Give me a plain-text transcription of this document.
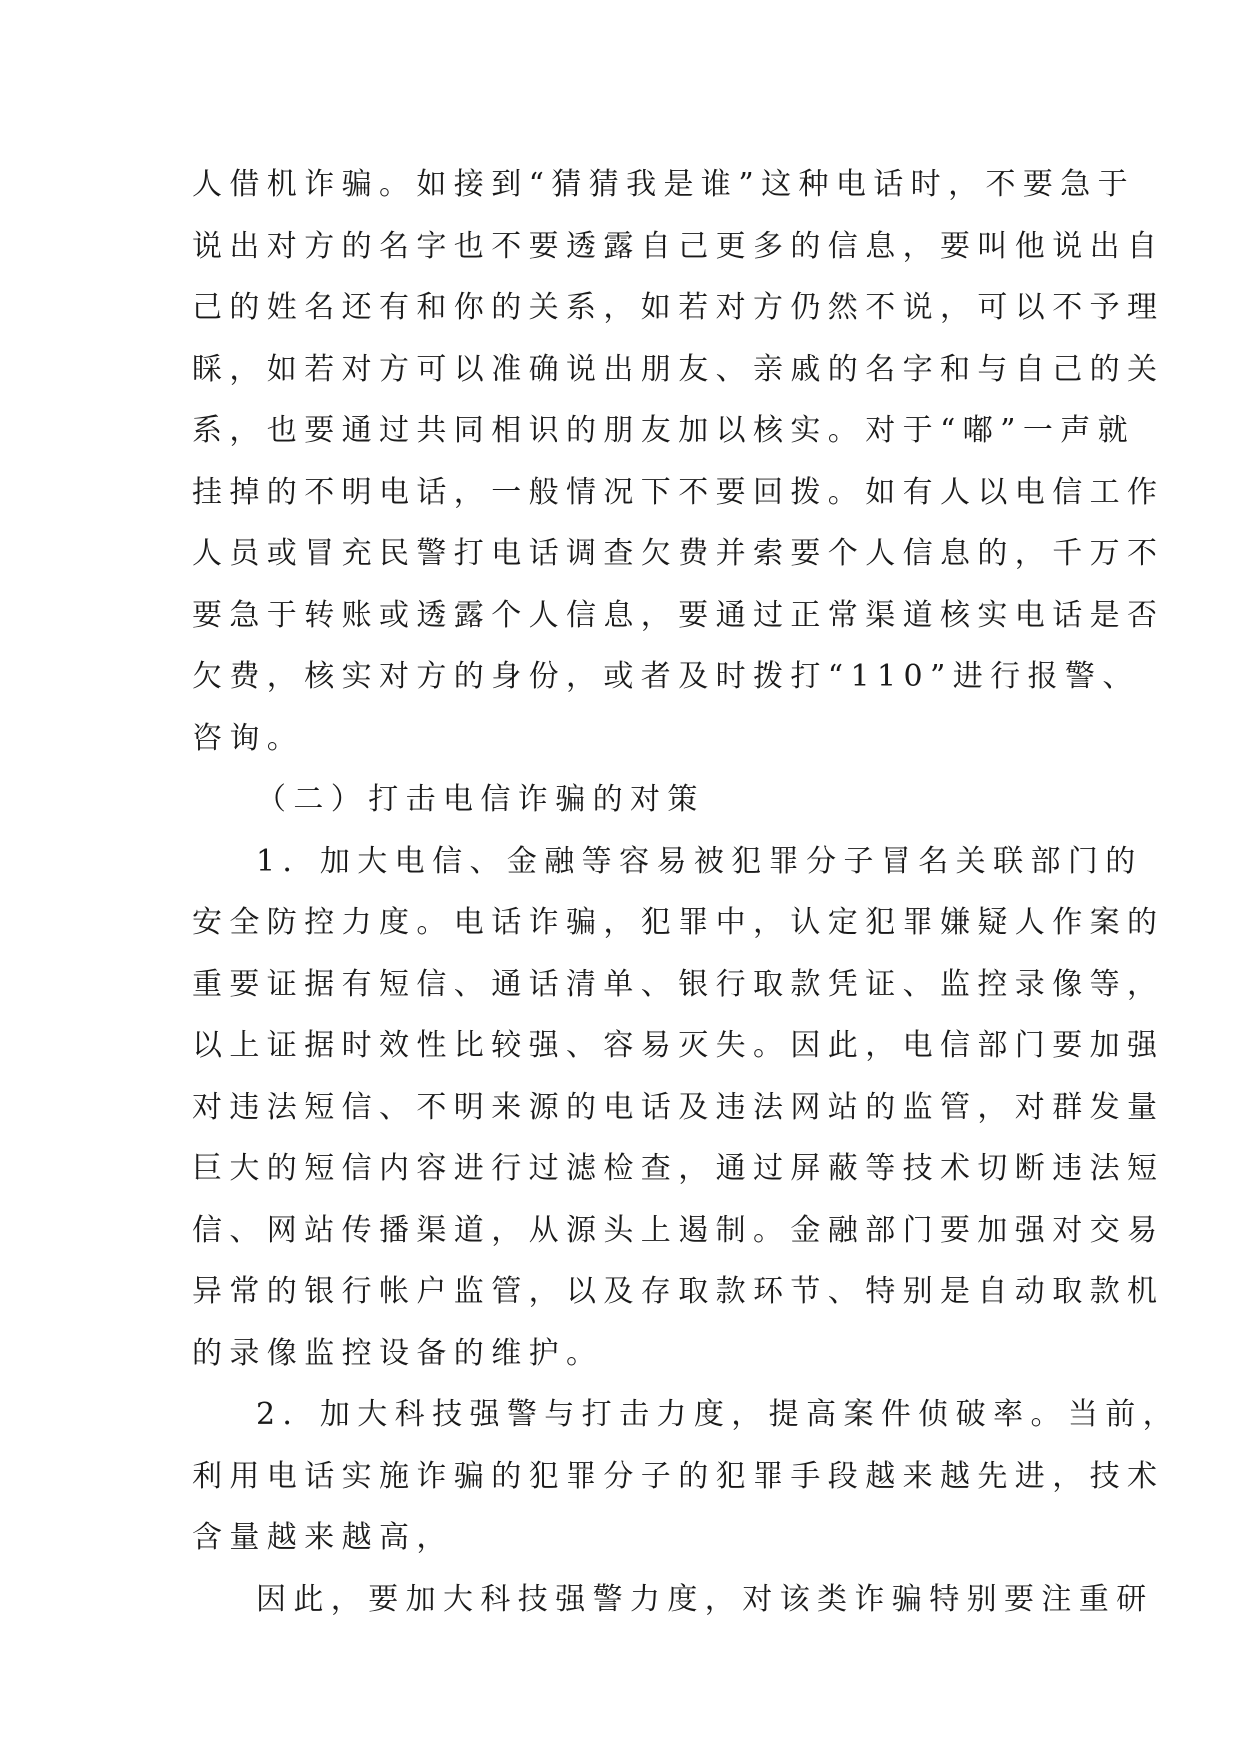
人借机诈骗。如接到“猜猜我是谁”这种电话时，不要急于
说出对方的名字也不要透露自己更多的信息，要叫他说出自
己的姓名还有和你的关系，如若对方仍然不说，可以不予理
睬，如若对方可以准确说出朋友、亲戚的名字和与自己的关
系，也要通过共同相识的朋友加以核实。对于“嘟”一声就
挂掉的不明电话，一般情况下不要回拨。如有人以电信工作
人员或冒充民警打电话调查欠费并索要个人信息的，千万不
要急于转账或透露个人信息，要通过正常渠道核实电话是否
欠费，核实对方的身份，或者及时拨打“110”进行报警、
咨询。
（二）打击电信诈骗的对策
1．加大电信、金融等容易被犯罪分子冒名关联部门的
安全防控力度。电话诈骗，犯罪中，认定犯罪嫌疑人作案的
重要证据有短信、通话清单、银行取款凭证、监控录像等，
以上证据时效性比较强、容易灭失。因此，电信部门要加强
对违法短信、不明来源的电话及违法网站的监管，对群发量
巨大的短信内容进行过滤检查，通过屏蔽等技术切断违法短
信、网站传播渠道，从源头上遏制。金融部门要加强对交易
异常的银行帐户监管，以及存取款环节、特别是自动取款机
的录像监控设备的维护。
2．加大科技强警与打击力度，提高案件侦破率。当前，
利用电话实施诈骗的犯罪分子的犯罪手段越来越先进，技术
含量越来越高，
因此，要加大科技强警力度，对该类诈骗特别要注重研
